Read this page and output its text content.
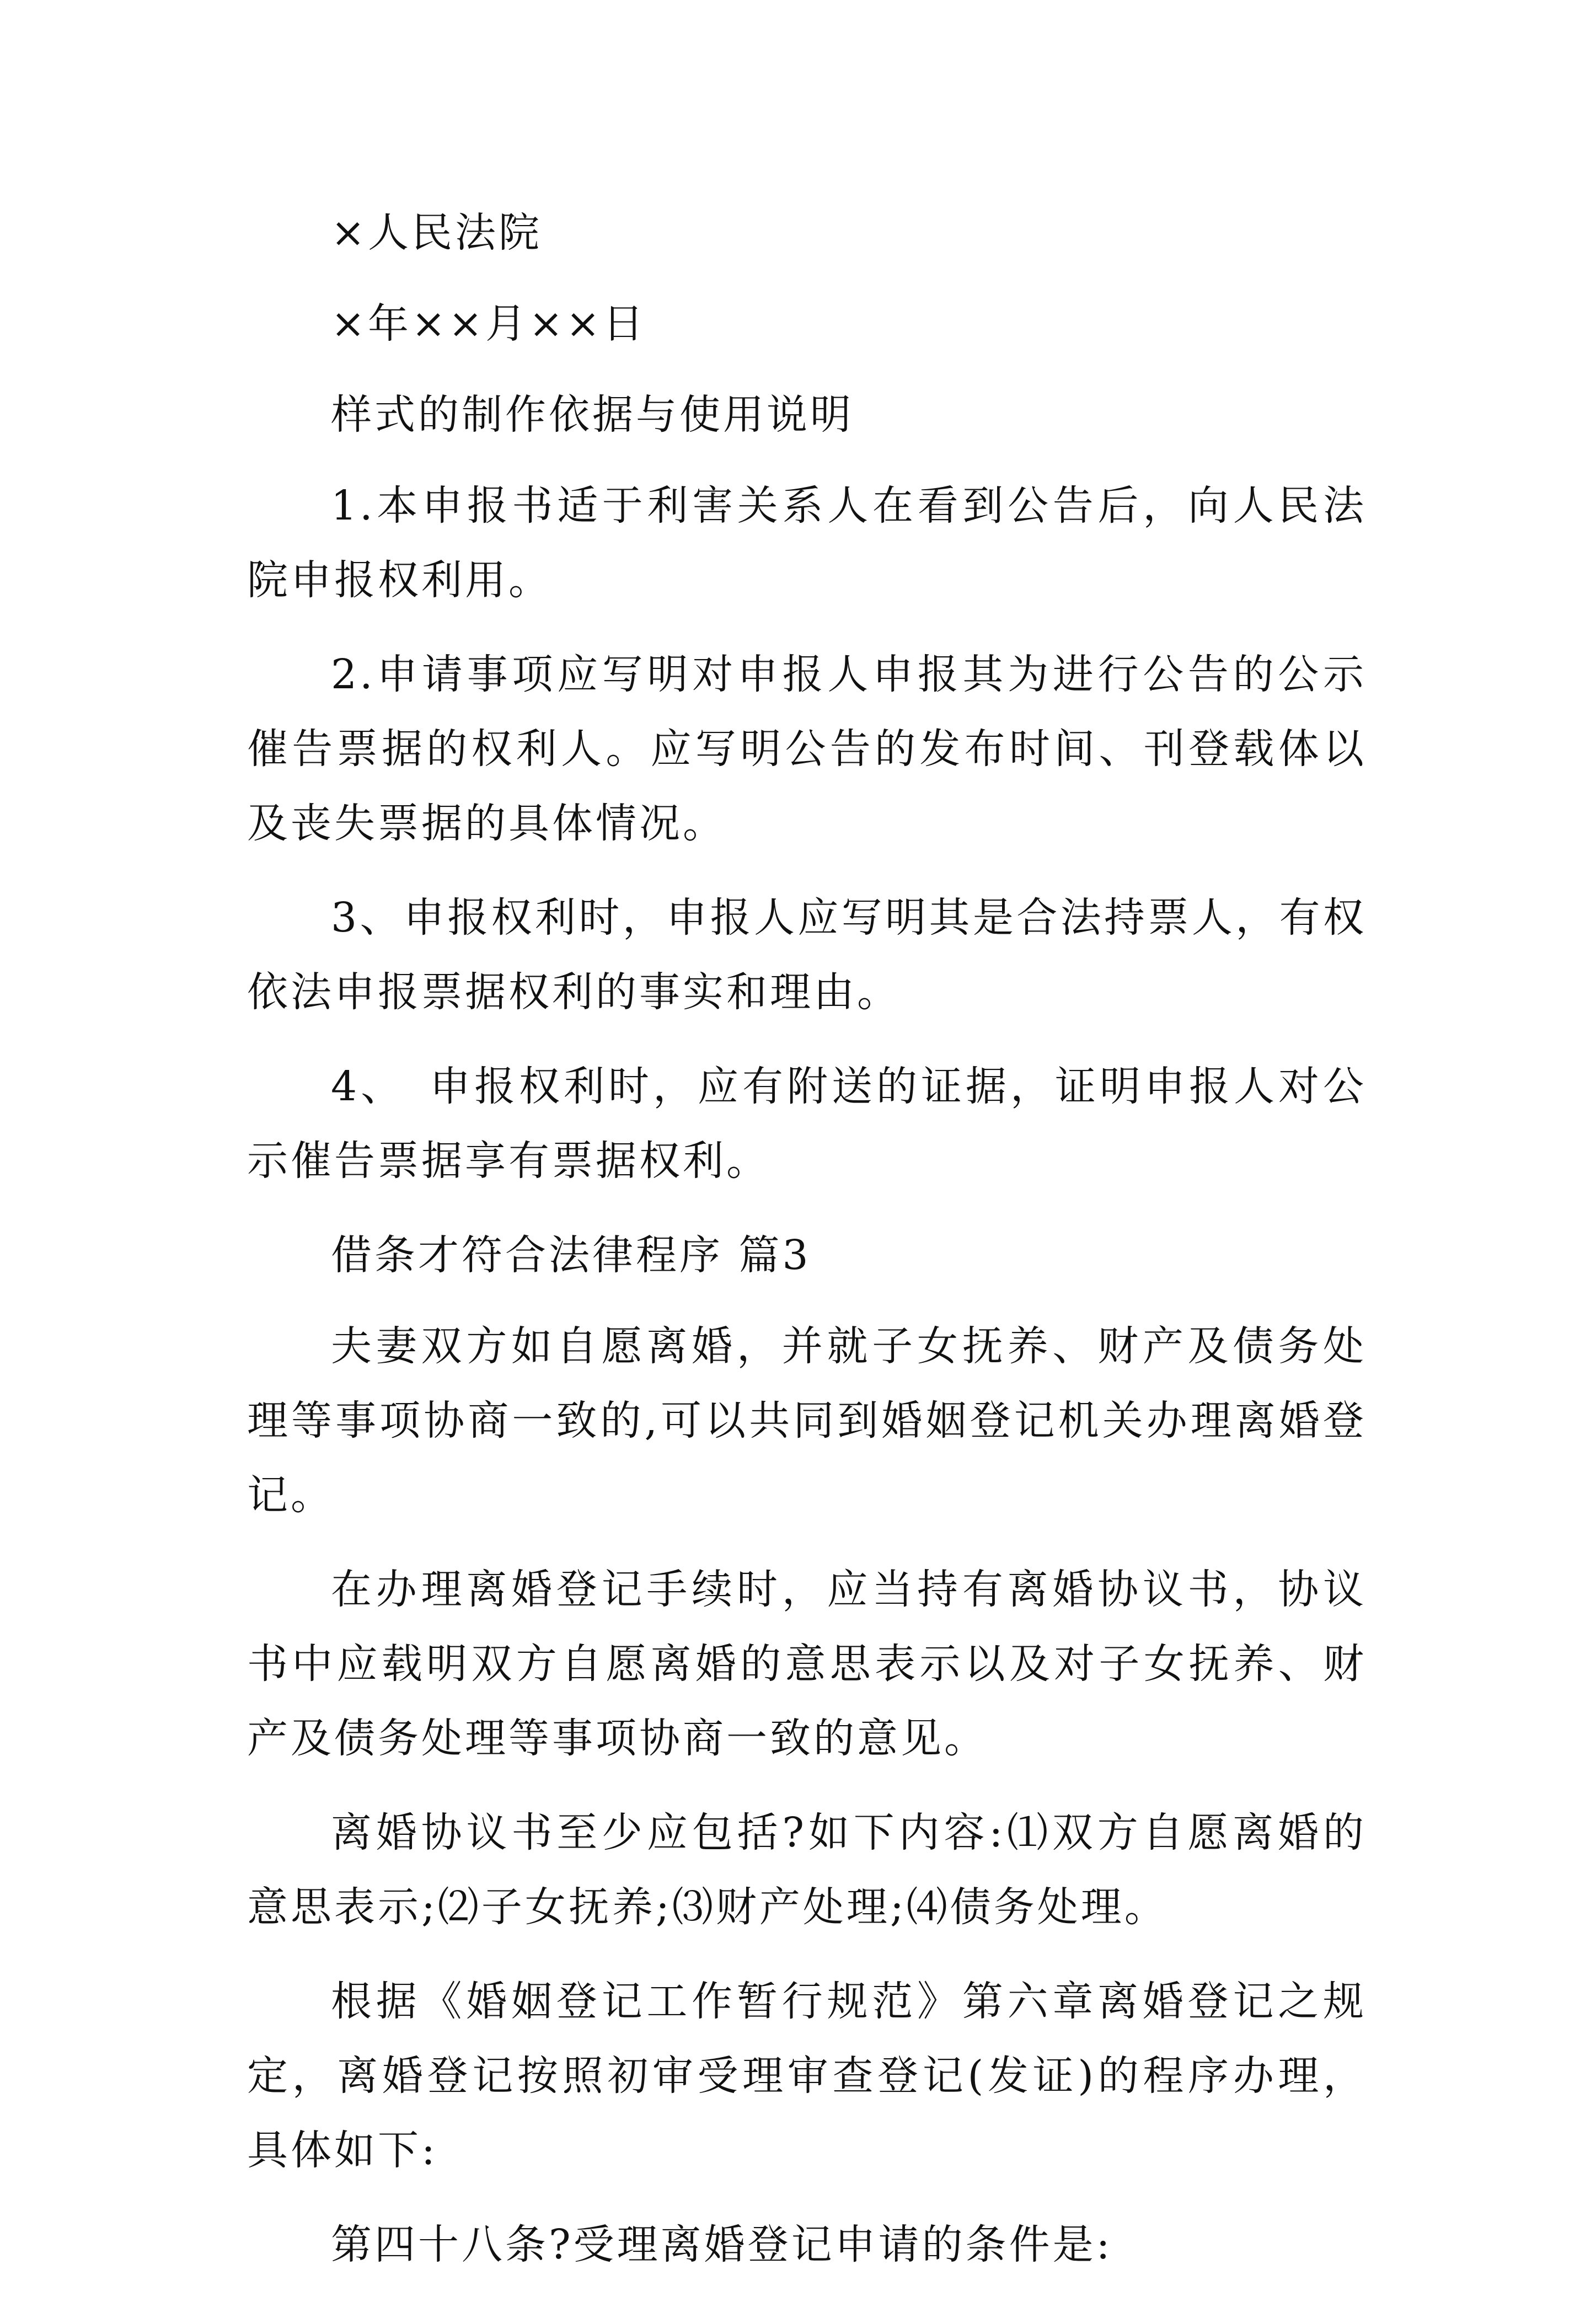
×人民法院

×年××月××日

样式的制作依据与使用说明

1.本申报书适于利害关系人在看到公告后，向人民法院申报权利用。

2.申请事项应写明对申报人申报其为进行公告的公示催告票据的权利人。应写明公告的发布时间、刊登载体以及丧失票据的具体情况。

3、申报权利时，申报人应写明其是合法持票人，有权依法申报票据权利的事实和理由。

4、　申报权利时，应有附送的证据，证明申报人对公示催告票据享有票据权利。

借条才符合法律程序 篇3

夫妻双方如自愿离婚，并就子女抚养、财产及债务处理等事项协商一致的,可以共同到婚姻登记机关办理离婚登记。

在办理离婚登记手续时，应当持有离婚协议书，协议书中应载明双方自愿离婚的意思表示以及对子女抚养、财产及债务处理等事项协商一致的意见。

离婚协议书至少应包括?如下内容:⑴双方自愿离婚的意思表示;⑵子女抚养;⑶财产处理;⑷债务处理。

根据《婚姻登记工作暂行规范》第六章离婚登记之规定，离婚登记按照初审受理审查登记(发证)的程序办理，具体如下:

第四十八条?受理离婚登记申请的条件是:
